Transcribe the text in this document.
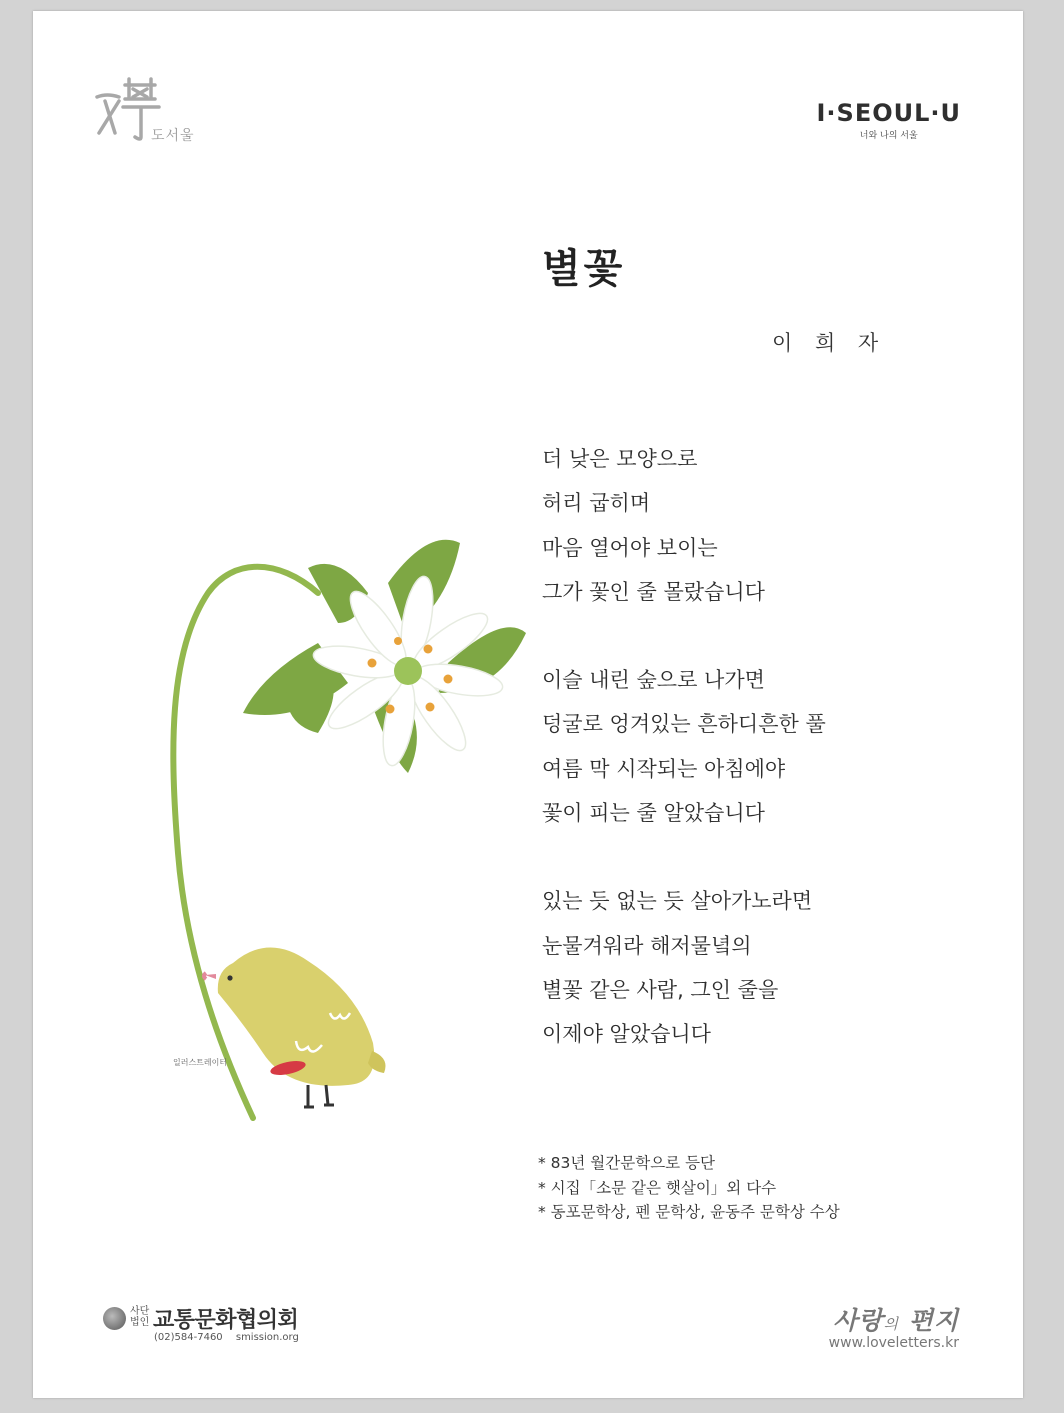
도서울
I·SEOUL·U
너와 나의 서울
별꽃
이 희 자
일러스트레이터
더 낮은 모양으로
허리 굽히며
마음 열어야 보이는
그가 꽃인 줄 몰랐습니다
이슬 내린 숲으로 나가면
덩굴로 엉겨있는 흔하디흔한 풀
여름 막 시작되는 아침에야
꽃이 피는 줄 알았습니다
있는 듯 없는 듯 살아가노라면
눈물겨워라 해저물녘의
별꽃 같은 사람, 그인 줄을
이제야 알았습니다
* 83년 월간문학으로 등단
* 시집「소문 같은 햇살이」외 다수
* 동포문학상, 펜 문학상, 윤동주 문학상 수상
사단 법인 교통문화협의회
(02)584-7460 smission.org
사랑의 편지
www.loveletters.kr
